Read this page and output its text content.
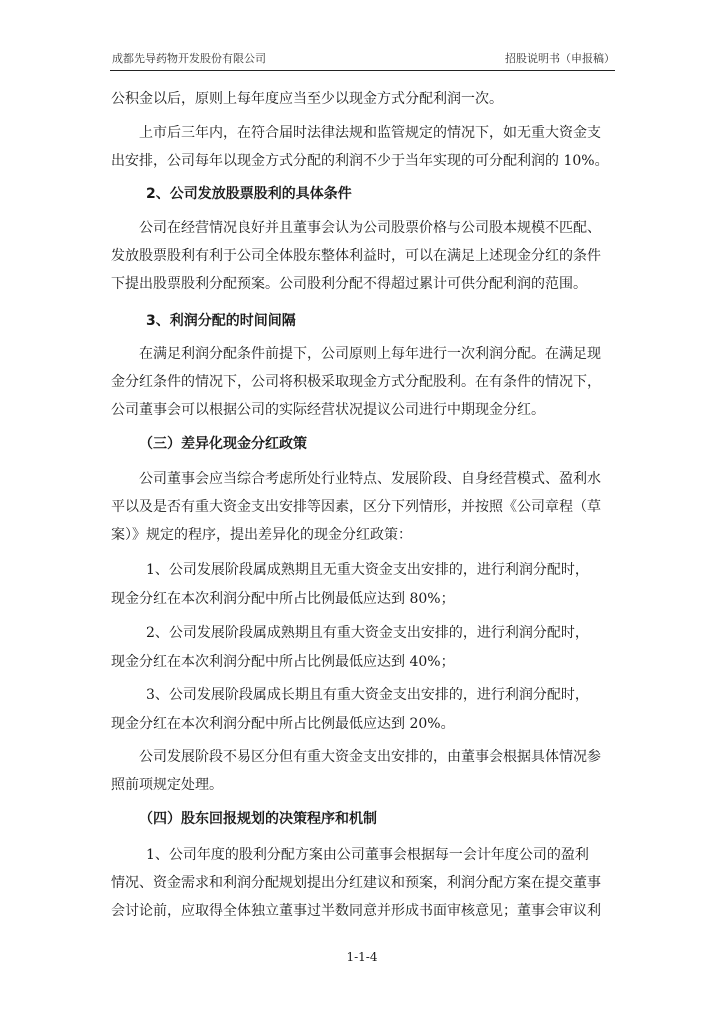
成都先导药物开发股份有限公司	招股说明书（申报稿）
公积金以后，原则上每年度应当至少以现金方式分配利润一次。
上市后三年内，在符合届时法律法规和监管规定的情况下，如无重大资金支
出安排，公司每年以现金方式分配的利润不少于当年实现的可分配利润的 10%。
2、公司发放股票股利的具体条件
公司在经营情况良好并且董事会认为公司股票价格与公司股本规模不匹配、
发放股票股利有利于公司全体股东整体利益时，可以在满足上述现金分红的条件
下提出股票股利分配预案。公司股利分配不得超过累计可供分配利润的范围。
3、利润分配的时间间隔
在满足利润分配条件前提下，公司原则上每年进行一次利润分配。在满足现
金分红条件的情况下，公司将积极采取现金方式分配股利。在有条件的情况下，
公司董事会可以根据公司的实际经营状况提议公司进行中期现金分红。
（三）差异化现金分红政策
公司董事会应当综合考虑所处行业特点、发展阶段、自身经营模式、盈利水
平以及是否有重大资金支出安排等因素，区分下列情形，并按照《公司章程（草
案）》规定的程序，提出差异化的现金分红政策：
1、公司发展阶段属成熟期且无重大资金支出安排的，进行利润分配时，
现金分红在本次利润分配中所占比例最低应达到 80%；
2、公司发展阶段属成熟期且有重大资金支出安排的，进行利润分配时，
现金分红在本次利润分配中所占比例最低应达到 40%；
3、公司发展阶段属成长期且有重大资金支出安排的，进行利润分配时，
现金分红在本次利润分配中所占比例最低应达到 20%。
公司发展阶段不易区分但有重大资金支出安排的，由董事会根据具体情况参
照前项规定处理。
（四）股东回报规划的决策程序和机制
1、公司年度的股利分配方案由公司董事会根据每一会计年度公司的盈利
情况、资金需求和利润分配规划提出分红建议和预案，利润分配方案在提交董事
会讨论前，应取得全体独立董事过半数同意并形成书面审核意见；董事会审议利
1-1-4
